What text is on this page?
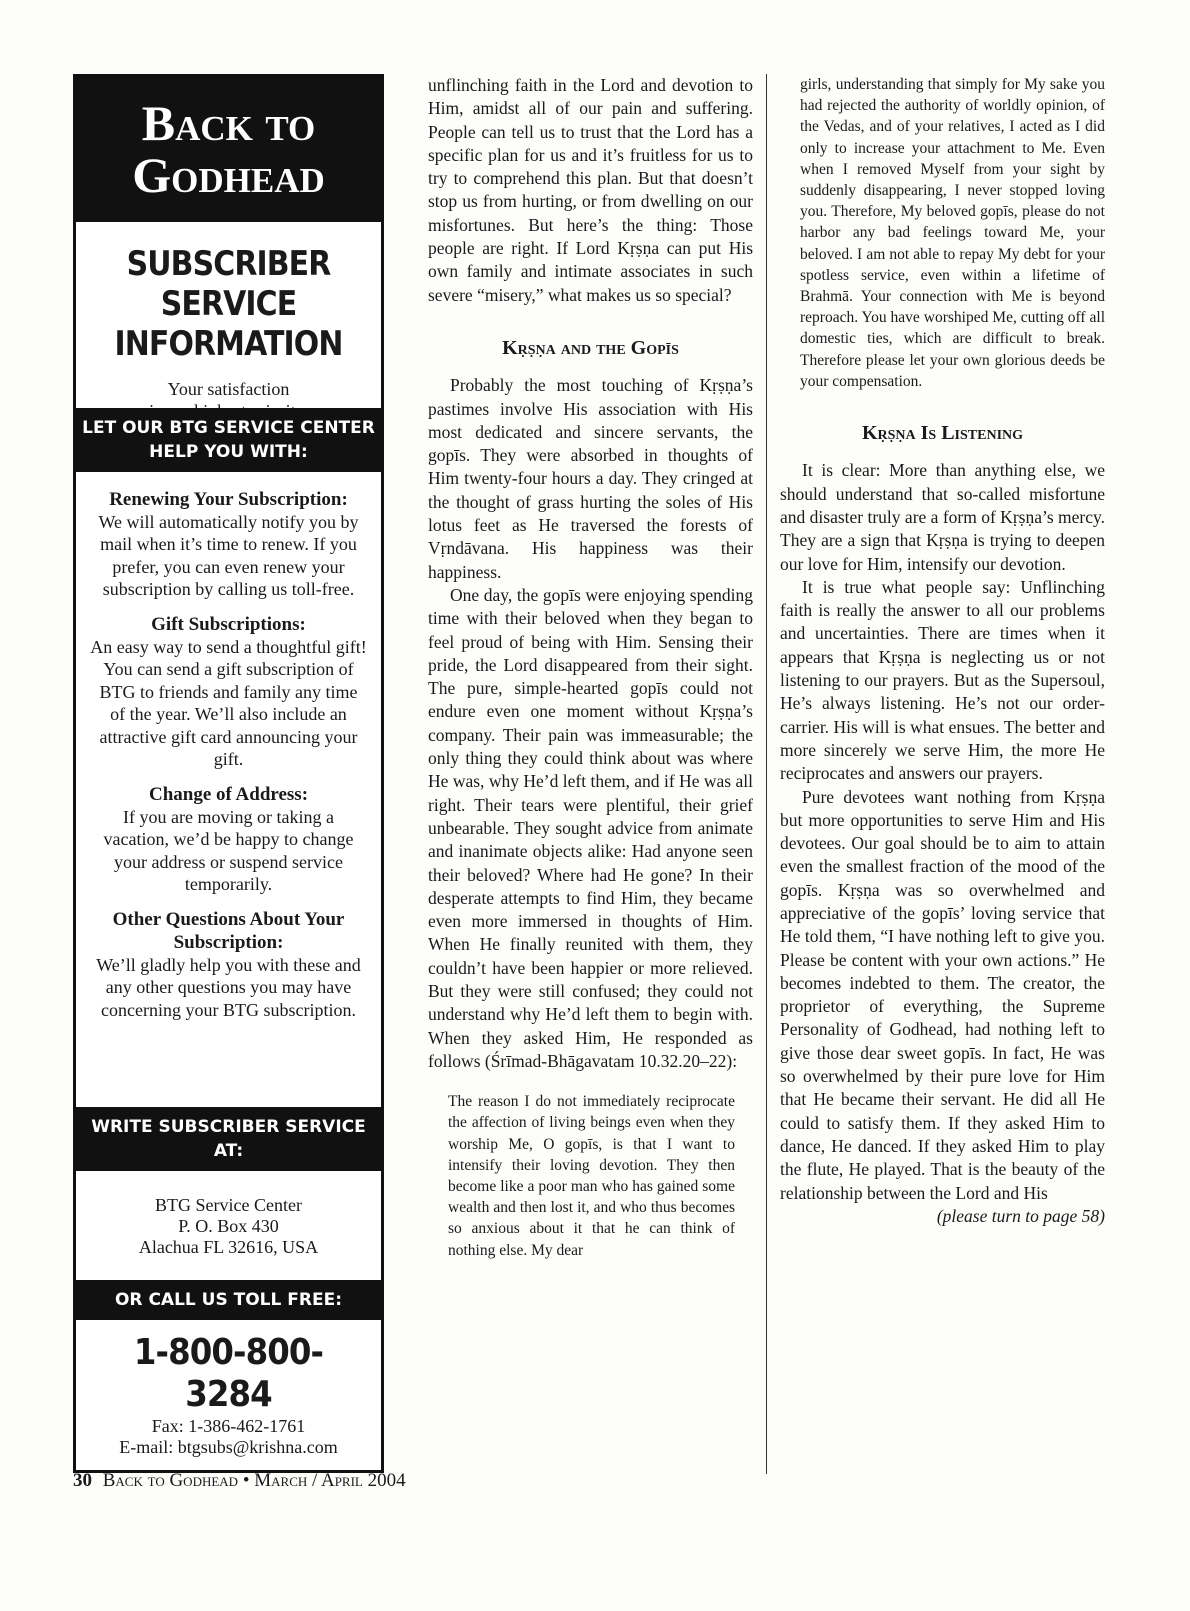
Back to
Godhead
SUBSCRIBER
SERVICE
INFORMATION
Your satisfaction
LET OUR BTG SERVICE CENTER
HELP YOU WITH:
Renewing Your Subscription:

We will automatically notify you by mail when it’s time to renew. If you prefer, you can even renew your subscription by calling us toll-free.

Gift Subscriptions:

An easy way to send a thoughtful gift! You can send a gift subscription of BTG to friends and family any time of the year. We’ll also include an attractive gift card announcing your gift.

Change of Address:

If you are moving or taking a vacation, we’d be happy to change your address or suspend service temporarily.

Other Questions About Your Subscription:

We’ll gladly help you with these and any other questions you may have concerning your BTG subscription.

WRITE SUBSCRIBER SERVICE AT:
BTG Service Center
P. O. Box 430
Alachua FL 32616, USA
OR CALL US TOLL FREE:
1-800-800-3284
Fax: 1-386-462-1761
E-mail: btgsubs@krishna.com

unflinching faith in the Lord and devotion to Him, amidst all of our pain and suffering. People can tell us to trust that the Lord has a specific plan for us and it’s fruitless for us to try to comprehend this plan. But that doesn’t stop us from hurting, or from dwelling on our misfortunes. But here’s the thing: Those people are right. If Lord Kṛṣṇa can put His own family and intimate associates in such severe “misery,” what makes us so special?

Kṛṣṇa and the Gopīs

Probably the most touching of Kṛṣṇa’s pastimes involve His association with His most dedicated and sincere servants, the gopīs. They were absorbed in thoughts of Him twenty-four hours a day. They cringed at the thought of grass hurting the soles of His lotus feet as He traversed the forests of Vṛndāvana. His happiness was their happiness.

One day, the gopīs were enjoying spending time with their beloved when they began to feel proud of being with Him. Sensing their pride, the Lord disappeared from their sight. The pure, simple-hearted gopīs could not endure even one moment without Kṛṣṇa’s company. Their pain was immeasurable; the only thing they could think about was where He was, why He’d left them, and if He was all right. Their tears were plentiful, their grief unbearable. They sought advice from animate and inanimate objects alike: Had anyone seen their beloved? Where had He gone? In their desperate attempts to find Him, they became even more immersed in thoughts of Him. When He finally reunited with them, they couldn’t have been happier or more relieved. But they were still confused; they could not understand why He’d left them to begin with. When they asked Him, He responded as follows (Śrīmad-Bhāgavatam 10.32.20–22):

The reason I do not immediately reciprocate the affection of living beings even when they worship Me, O gopīs, is that I want to intensify their loving devotion. They then become like a poor man who has gained some wealth and then lost it, and who thus becomes so anxious about it that he can think of nothing else. My dear
girls, understanding that simply for My sake you had rejected the authority of worldly opinion, of the Vedas, and of your relatives, I acted as I did only to increase your attachment to Me. Even when I removed Myself from your sight by suddenly disappearing, I never stopped loving you. Therefore, My beloved gopīs, please do not harbor any bad feelings toward Me, your beloved. I am not able to repay My debt for your spotless service, even within a lifetime of Brahmā. Your connection with Me is beyond reproach. You have worshiped Me, cutting off all domestic ties, which are difficult to break. Therefore please let your own glorious deeds be your compensation.
Kṛṣṇa Is Listening

It is clear: More than anything else, we should understand that so-called misfortune and disaster truly are a form of Kṛṣṇa’s mercy. They are a sign that Kṛṣṇa is trying to deepen our love for Him, intensify our devotion.

It is true what people say: Unflinching faith is really the answer to all our problems and uncertainties. There are times when it appears that Kṛṣṇa is neglecting us or not listening to our prayers. But as the Supersoul, He’s always listening. He’s not our order-carrier. His will is what ensues. The better and more sincerely we serve Him, the more He reciprocates and answers our prayers.

Pure devotees want nothing from Kṛṣṇa but more opportunities to serve Him and His devotees. Our goal should be to aim to attain even the smallest fraction of the mood of the gopīs. Kṛṣṇa was so overwhelmed and appreciative of the gopīs’ loving service that He told them, “I have nothing left to give you. Please be content with your own actions.” He becomes indebted to them. The creator, the proprietor of everything, the Supreme Personality of Godhead, had nothing left to give those dear sweet gopīs. In fact, He was so overwhelmed by their pure love for Him that He became their servant. He did all He could to satisfy them. If they asked Him to dance, He danced. If they asked Him to play the flute, He played. That is the beauty of the relationship between the Lord and His

(please turn to page 58)
30 Back to Godhead • March / April 2004
